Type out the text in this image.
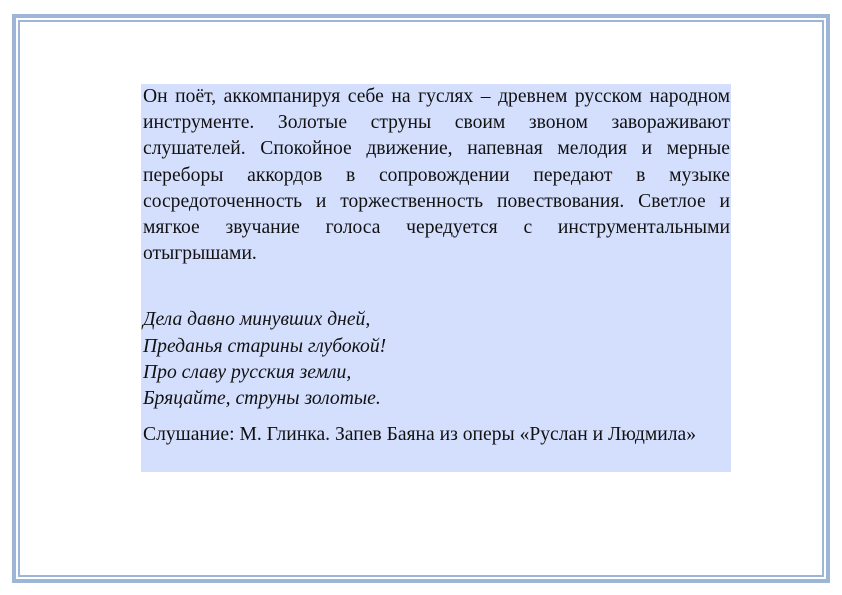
Он поёт, аккомпанируя себе на гуслях – древнем русском народном инструменте. Золотые струны своим звоном завораживают слушателей. Спокойное движение, напевная мелодия и мерные переборы аккордов в сопровождении передают в музыке сосредоточенность и торжественность повествования. Светлое и мягкое звучание голоса чередуется с инструментальными отыгрышами.

Дела давно минувших дней,
Преданья старины глубокой!
Про славу русския земли,
Бряцайте, струны золотые.

Слушание: М. Глинка. Запев Баяна из оперы «Руслан и Людмила»
